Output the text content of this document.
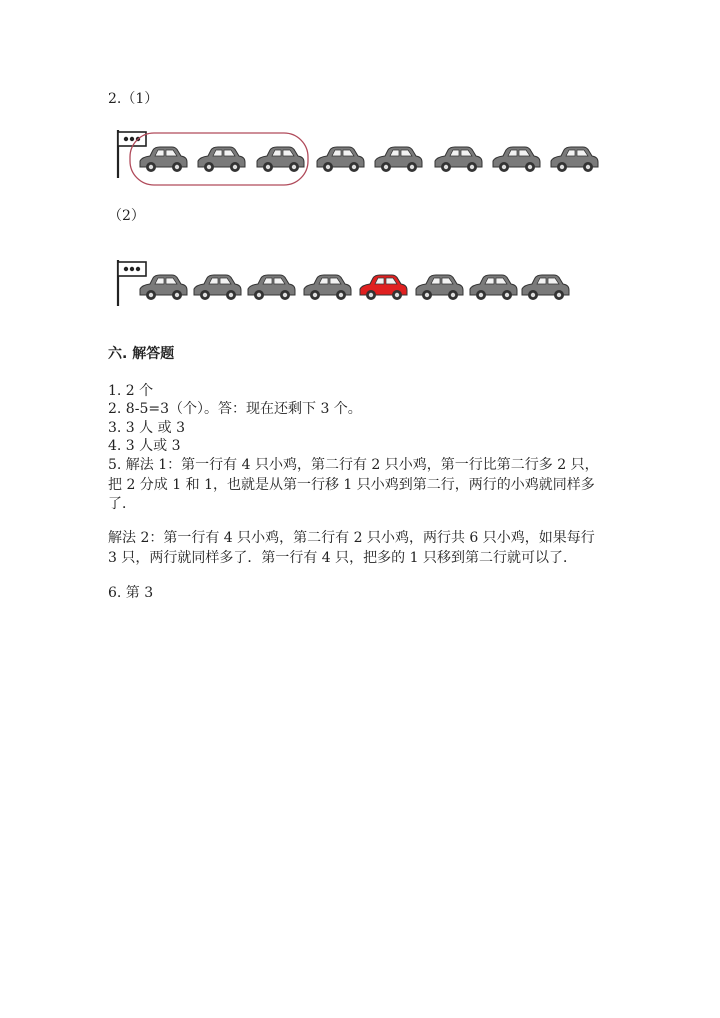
2.（1）
（2）
六. 解答题
1. 2 个
2. 8-5=3（个）。答：现在还剩下 3 个。
3. 3 人 或 3
4. 3 人或 3
5. 解法 1：第一行有 4 只小鸡，第二行有 2 只小鸡，第一行比第二行多 2 只，
把 2 分成 1 和 1，也就是从第一行移 1 只小鸡到第二行，两行的小鸡就同样多
了．
解法 2：第一行有 4 只小鸡，第二行有 2 只小鸡，两行共 6 只小鸡，如果每行
3 只，两行就同样多了．第一行有 4 只，把多的 1 只移到第二行就可以了．
6. 第 3
